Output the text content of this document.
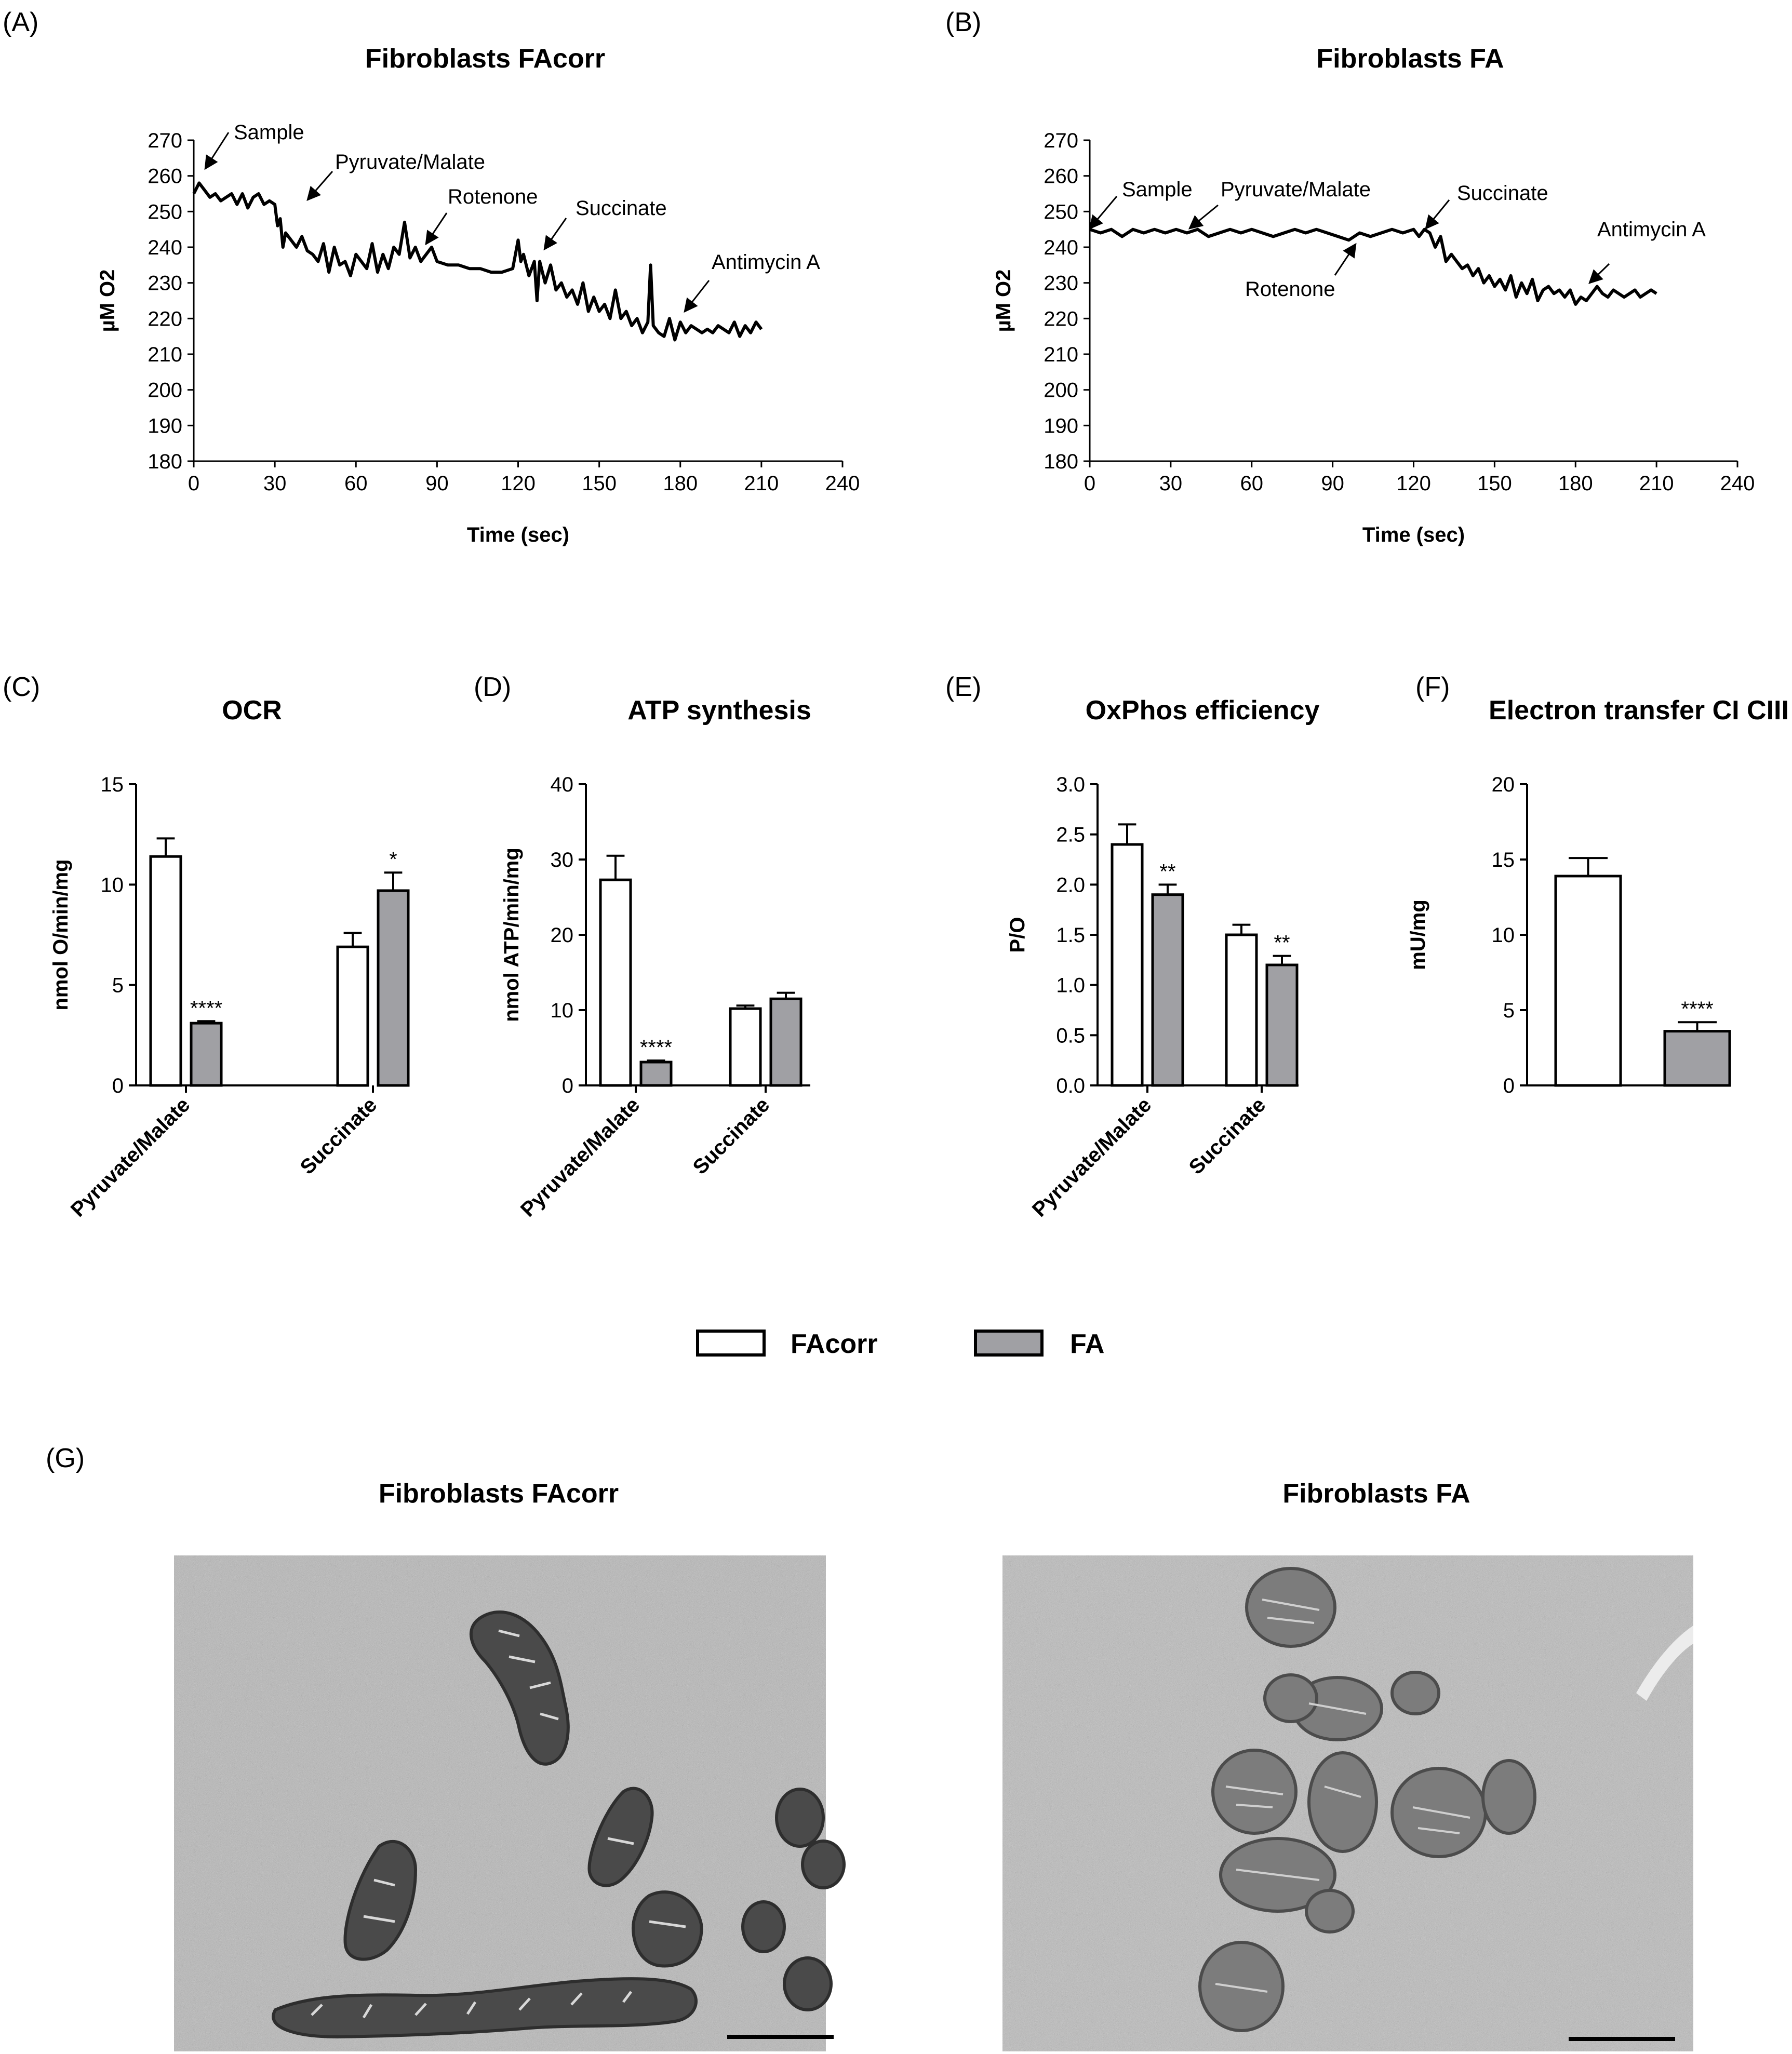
(A)
Fibroblasts FAcorr
Sample
Pyruvate/Malate
Rotenone Succinate
Antimycin A
(B)
Fibroblasts FA
Sample Pyruvate/Malate
Rotenone
Succinate
Antimycin A
(C)
OCR
(D)
ATP synthesis
(E)
OxPhos efficiency
(F)
Electron transfer CI CIII
FAcorr	FA
(G)
Fibroblasts FAcorr	Fibroblasts FA
180
190
200
210
220
230
240
250
260
270
0	30	60	90	120 150 180 210 240
Time (sec)
µM O2
180
190
200
210
220
230
240
250
260
270
0	30	60	90	120 150 180 210 240
Time (sec)
µM O2
0
5
10
15
nmol O/min/mg	****
Pyruvate/Malate
*
Succinate
0
10
20
30
40
nmol ATP/min/mg
****
Pyruvate/Malate Succinate
0.0
0.5
1.0
1.5
2.0
2.5
3.0
P/O
**
Pyruvate/Malate
**
Succinate
0
5
10
15
20
mU/mg
****
